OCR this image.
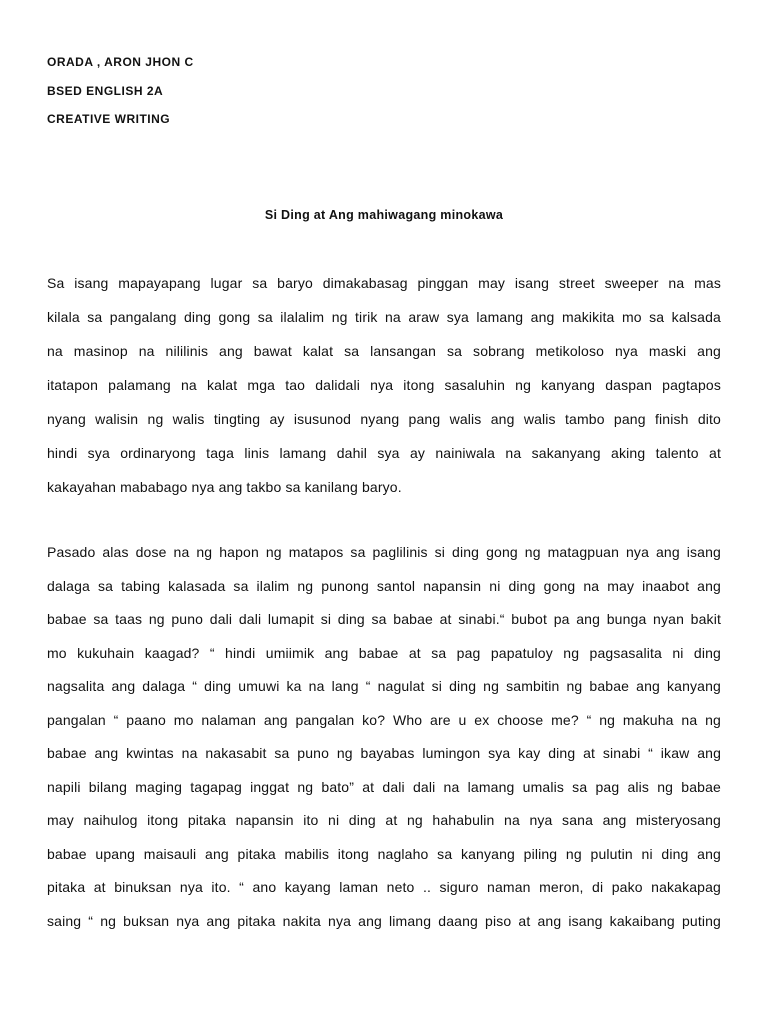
ORADA , ARON JHON C
BSED ENGLISH 2A
CREATIVE WRITING
Si Ding at Ang mahiwagang minokawa
Sa isang mapayapang lugar sa baryo dimakabasag pinggan may isang street sweeper na mas
kilala sa pangalang ding gong sa ilalalim ng tirik na araw sya lamang ang makikita mo sa kalsada
na masinop na nililinis ang bawat kalat sa lansangan sa sobrang metikoloso nya maski ang
itatapon palamang na kalat mga tao dalidali nya itong sasaluhin ng kanyang daspan pagtapos
nyang walisin ng walis tingting ay isusunod nyang pang walis ang walis tambo pang finish dito
hindi sya ordinaryong taga linis lamang dahil sya ay nainiwala na sakanyang aking talento at
kakayahan mababago nya ang takbo sa kanilang baryo.
Pasado alas dose na ng hapon ng matapos sa paglilinis si ding gong ng matagpuan nya ang isang
dalaga sa tabing kalasada sa ilalim ng punong santol napansin ni ding gong na may inaabot ang
babae sa taas ng puno dali dali lumapit si ding sa babae at sinabi.“ bubot pa ang bunga nyan bakit
mo kukuhain kaagad? “ hindi umiimik ang babae at sa pag papatuloy ng pagsasalita ni ding
nagsalita ang dalaga “ ding umuwi ka na lang “ nagulat si ding ng sambitin ng babae ang kanyang
pangalan “ paano mo nalaman ang pangalan ko? Who are u ex choose me? “ ng makuha na ng
babae ang kwintas na nakasabit sa puno ng bayabas lumingon sya kay ding at sinabi “ ikaw ang
napili bilang maging tagapag inggat ng bato” at dali dali na lamang umalis sa pag alis ng babae
may naihulog itong pitaka napansin ito ni ding at ng hahabulin na nya sana ang misteryosang
babae upang maisauli ang pitaka mabilis itong naglaho sa kanyang piling ng pulutin ni ding ang
pitaka at binuksan nya ito. “ ano kayang laman neto .. siguro naman meron, di pako nakakapag
saing “ ng buksan nya ang pitaka nakita nya ang limang daang piso at ang isang kakaibang puting
